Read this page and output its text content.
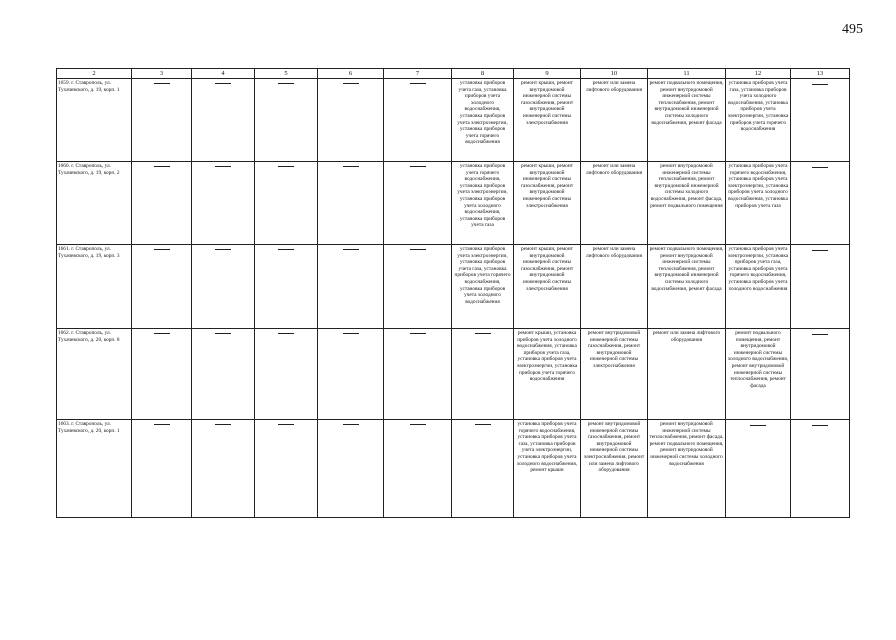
495
2	3	4	5	6	7	8	9	10	11	12	13
1659. г. Ставрополь, ул. Тухачевского, д. 19, корп. 1						установка приборов учета газа, установка приборов учета холодного водоснабжения, установка приборов учета электроэнергии, установка приборов учета горячего водоснабжения	ремонт крыши, ремонт внутридомовой инженерной системы газоснабжения, ремонт внутридомовой инженерной системы электроснабжения	ремонт или замена лифтового оборудования	ремонт подвального помещения, ремонт внутридомовой инженерной системы теплоснабжения, ремонт внутридомовой инженерной системы холодного водоснабжения, ремонт фасада	установка приборов учета газа, установка приборов учета холодного водоснабжения, установка приборов учета электроэнергии, установка приборов учета горячего водоснабжения	

1660. г. Ставрополь, ул. Тухачевского, д. 19, корп. 2						установка приборов учета горячего водоснабжения, установка приборов учета электроэнергии, установка приборов учета холодного водоснабжения, установка приборов учета газа	ремонт крыши, ремонт внутридомовой инженерной системы газоснабжения, ремонт внутридомовой инженерной системы электроснабжения	ремонт или замена лифтового оборудования	ремонт внутридомовой инженерной системы теплоснабжения, ремонт внутридомовой инженерной системы холодного водоснабжения, ремонт фасада, ремонт подвального помещения	установка приборов учета горячего водоснабжения, установка приборов учета электроэнергии, установка приборов учета холодного водоснабжения, установка приборов учета газа	

1661. г. Ставрополь, ул. Тухачевского, д. 19, корп. 3						установка приборов учета электроэнергии, установка приборов учета газа, установка приборов учета горячего водоснабжения, установка приборов учета холодного водоснабжения	ремонт крыши, ремонт внутридомовой инженерной системы газоснабжения, ремонт внутридомовой инженерной системы электроснабжения	ремонт или замена лифтового оборудования	ремонт подвального помещения, ремонт внутридомовой инженерной системы теплоснабжения, ремонт внутридомовой инженерной системы холодного водоснабжения, ремонт фасада	установка приборов учета электроэнергии, установка приборов учета газа, установка приборов учета горячего водоснабжения, установка приборов учета холодного водоснабжения	

1662. г. Ставрополь, ул. Тухачевского, д. 20, корп. 8							ремонт крыши, установка приборов учета холодного водоснабжения, установка приборов учета газа, установка приборов учета электроэнергии, установка приборов учета горячего водоснабжения	ремонт внутридомовой инженерной системы газоснабжения, ремонт внутридомовой инженерной системы электроснабжения	ремонт или замена лифтового оборудования	ремонт подвального помещения, ремонт внутридомовой инженерной системы холодного водоснабжения, ремонт внутридомовой инженерной системы теплоснабжения, ремонт фасада	

1663. г. Ставрополь, ул. Тухачевского, д. 20, корп. 1							установка приборов учета горячего водоснабжения, установка приборов учета газа, установка приборов учета электроэнергии, установка приборов учета холодного водоснабжения, ремонт крыши	ремонт внутридомовой инженерной системы газоснабжения, ремонт внутридомовой инженерной системы электроснабжения, ремонт или замена лифтового оборудования	ремонт внутридомовой инженерной системы теплоснабжения, ремонт фасада, ремонт подвального помещения, ремонт внутридомовой инженерной системы холодного водоснабжения	
